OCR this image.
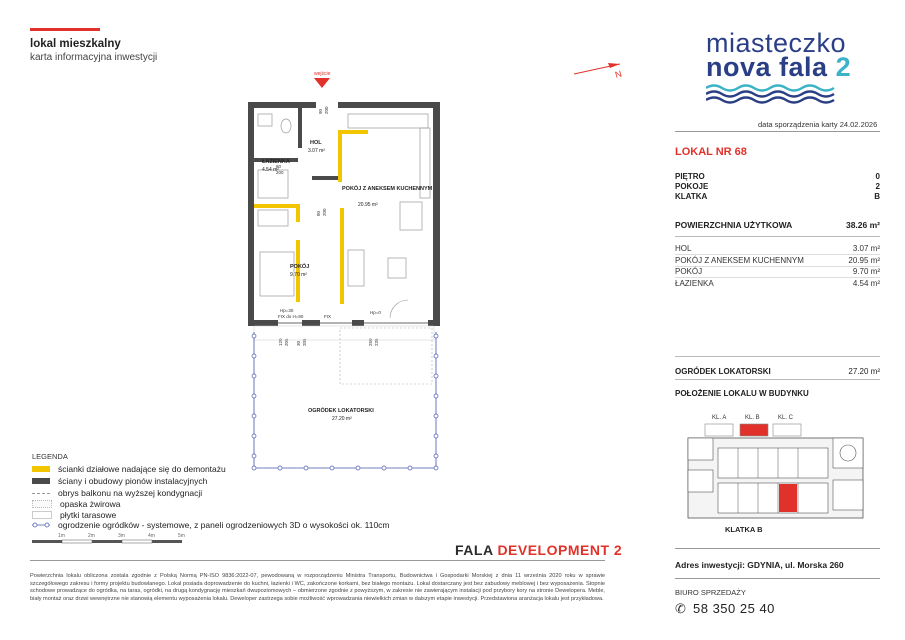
lokal mieszkalny
karta informacyjna inwestycji
N
miasteczko
nova fala 2
data sporządzenia karty 24.02.2026
LOKAL NR 68
PIĘTRO	0
POKOJE	2
KLATKA	B
POWIERZCHNIA UŻYTKOWA	38.26 m²
HOL	3.07 m²
POKÓJ Z ANEKSEM KUCHENNYM	20.95 m²
POKÓJ	9.70 m²
ŁAZIENKA	4.54 m²
OGRÓDEK LOKATORSKI	27.20 m²
POŁOŻENIE LOKALU W BUDYNKU
KL. A	KL. B	KL. C
KLATKA B
Adres inwestycji: GDYNIA, ul. Morska 260
BIURO SPRZEDAŻY
✆ 58 350 25 40
wejście
90 200
80
200
80 200
HOL
3.07 m²
ŁAZIENKA
4.54 m²
POKÓJ Z ANEKSEM KUCHENNYM
20.95 m²
POKÓJ
9.70 m²
OGRÓDEK LOKATORSKI
27.20 m²
Hp=30
FIX do H=90	FIX
Hp=0
120 205 30 205	250 235
LEGENDA
ścianki działowe nadające się do demontażu
ściany i obudowy pionów instalacyjnych
obrys balkonu na wyższej kondygnacji
opaska żwirowa
płytki tarasowe
ogrodzenie ogródków - systemowe, z paneli ogrodzeniowych 3D o wysokości ok. 110cm
1m	2m	3m	4m	5m
FALA DEVELOPMENT 2
Powierzchnia lokalu obliczona zostala zgodnie z Polską Normą PN-ISO 9836:2022-07, pewodowaną w rozporządzeniu Ministra Transportu, Budownictwa i Gospodarki Morskiej z dnia 11 września 2020 roku w sprawie szczegółowego zakresu i formy projektu budowlanego. Lokal posiada doprowadzenie do kuchni, łazienki i WC, zakończone korkami, bez białego montażu. Lokal dostarczany jest bez zabudowy meblowej i bez wyposażenia. Stopnie schodowe prowadzące do ogródka, na taras, ogródki, na drugą kondygnację mieszkań dwupoziomowych – obmierzone zgodnie z powyższym, w zakresie nie zawierającym instalacji pod przybory kory na stronie Dewelopera. Meble, biały montaż oraz drzwi wewnętrzne nie stanowią elementu wyposażenia lokalu. Deweloper zastrzega sobie możliwość wprowadzania niewielkich zmian w dalszym etapie inwestycji. Przedstawiona aranżacja lokalu jest przykładowa.
